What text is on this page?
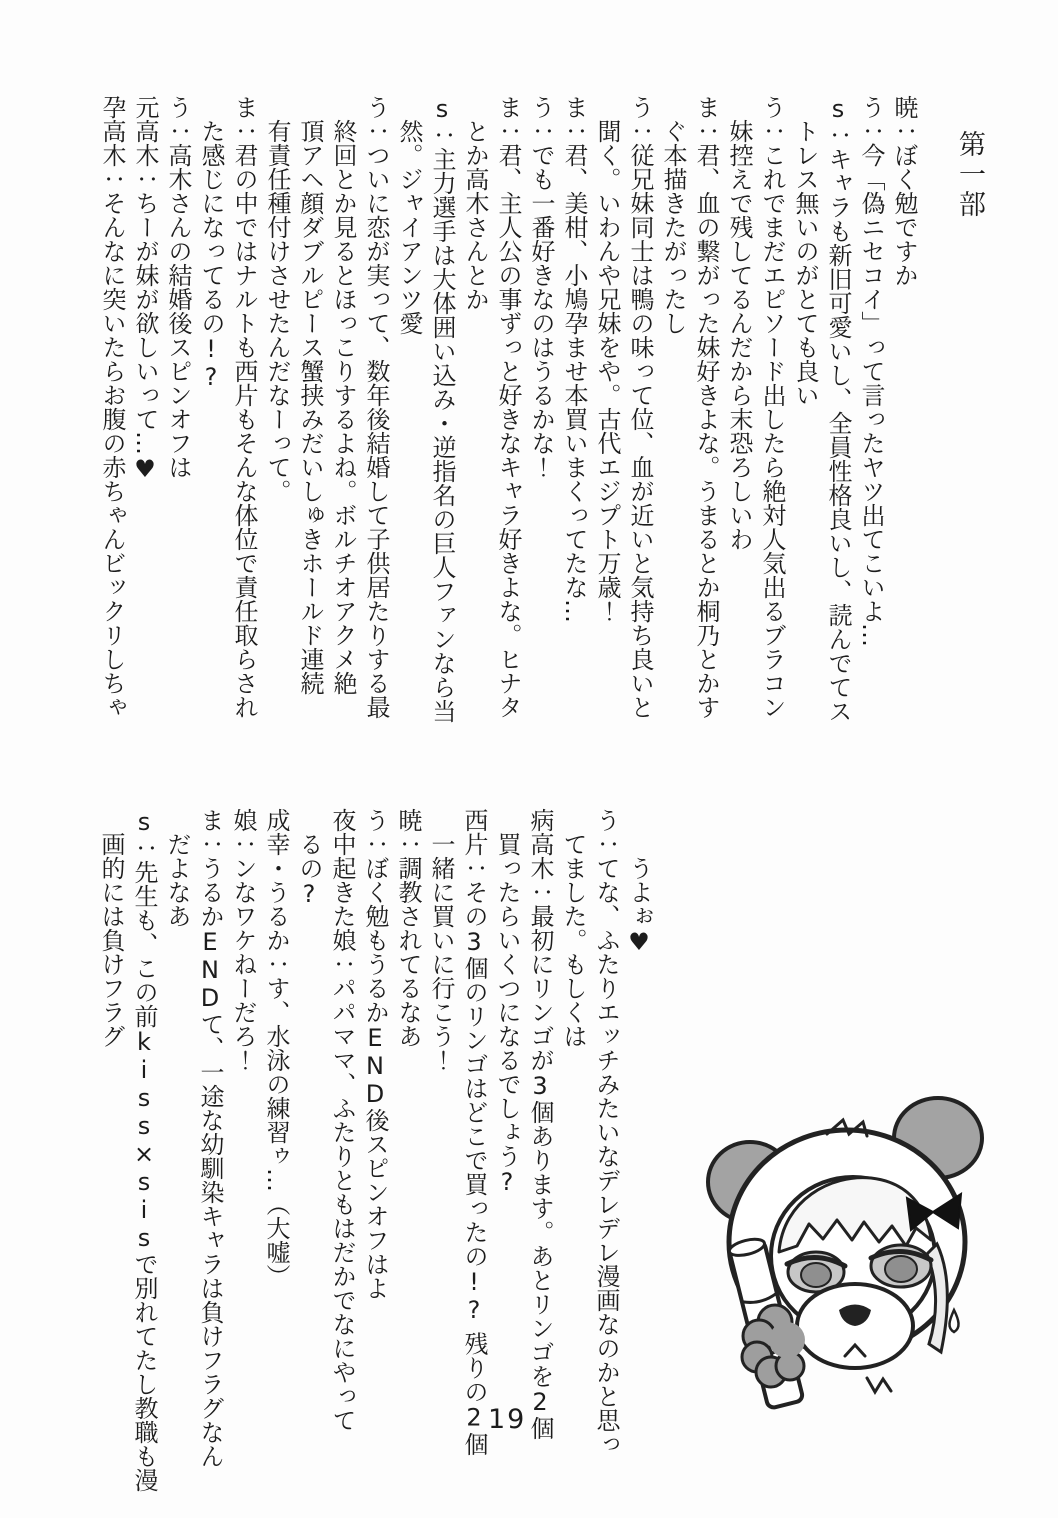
第一部
暁：ぼく勉ですか
う：今「偽ニセコイ」って言ったヤツ出てこいよ…
s：キャラも新旧可愛いし、全員性格良いし、読んでてス
トレス無いのがとても良い
う：これでまだエピソード出したら絶対人気出るブラコン
妹控えで残してるんだから末恐ろしいわ
ま：君、血の繋がった妹好きよな。うまるとか桐乃とかす
ぐ本描きたがったし
う：従兄妹同士は鴨の味って位、血が近いと気持ち良いと
聞く。いわんや兄妹をや。古代エジプト万歳！
ま：君、美柑、小鳩孕ませ本買いまくってたな…
う：でも一番好きなのはうるかな！
ま：君、主人公の事ずっと好きなキャラ好きよな。ヒナタ
とか高木さんとか
s：主力選手は大体囲い込み・逆指名の巨人ファンなら当
然。ジャイアンツ愛
う：ついに恋が実って、数年後結婚して子供居たりする最
終回とか見るとほっこりするよね。ボルチオアクメ絶
頂アヘ顔ダブルピース蟹挟みだいしゅきホールド連続
有責任種付けさせたんだなーって。
ま：君の中ではナルトも西片もそんな体位で責任取らされ
た感じになってるの!?
う：高木さんの結婚後スピンオフは
元高木：ちーが妹が欲しいって…♥
孕高木：そんなに突いたらお腹の赤ちゃんビックリしちゃ
うよぉ♥
う：てな、ふたりエッチみたいなデレデレ漫画なのかと思っ
てました。もしくは
病高木：最初にリンゴが3個あります。あとリンゴを2個
買ったらいくつになるでしょう?
西片：その3個のリンゴはどこで買ったの!? 残りの2個
一緒に買いに行こう！
暁：調教されてるなあ
う：ぼく勉もうるかEND後スピンオフはよ
夜中起きた娘：パパママ、ふたりともはだかでなにやって
るの?
成幸・うるか：す、水泳の練習ゥ…（大嘘）
娘：ンなワケねーだろ！
ま：うるかENDて、一途な幼馴染キャラは負けフラグなん
だよなあ
s：先生も、この前kiss×sisで別れてたし教職も漫
画的には負けフラグ
19
